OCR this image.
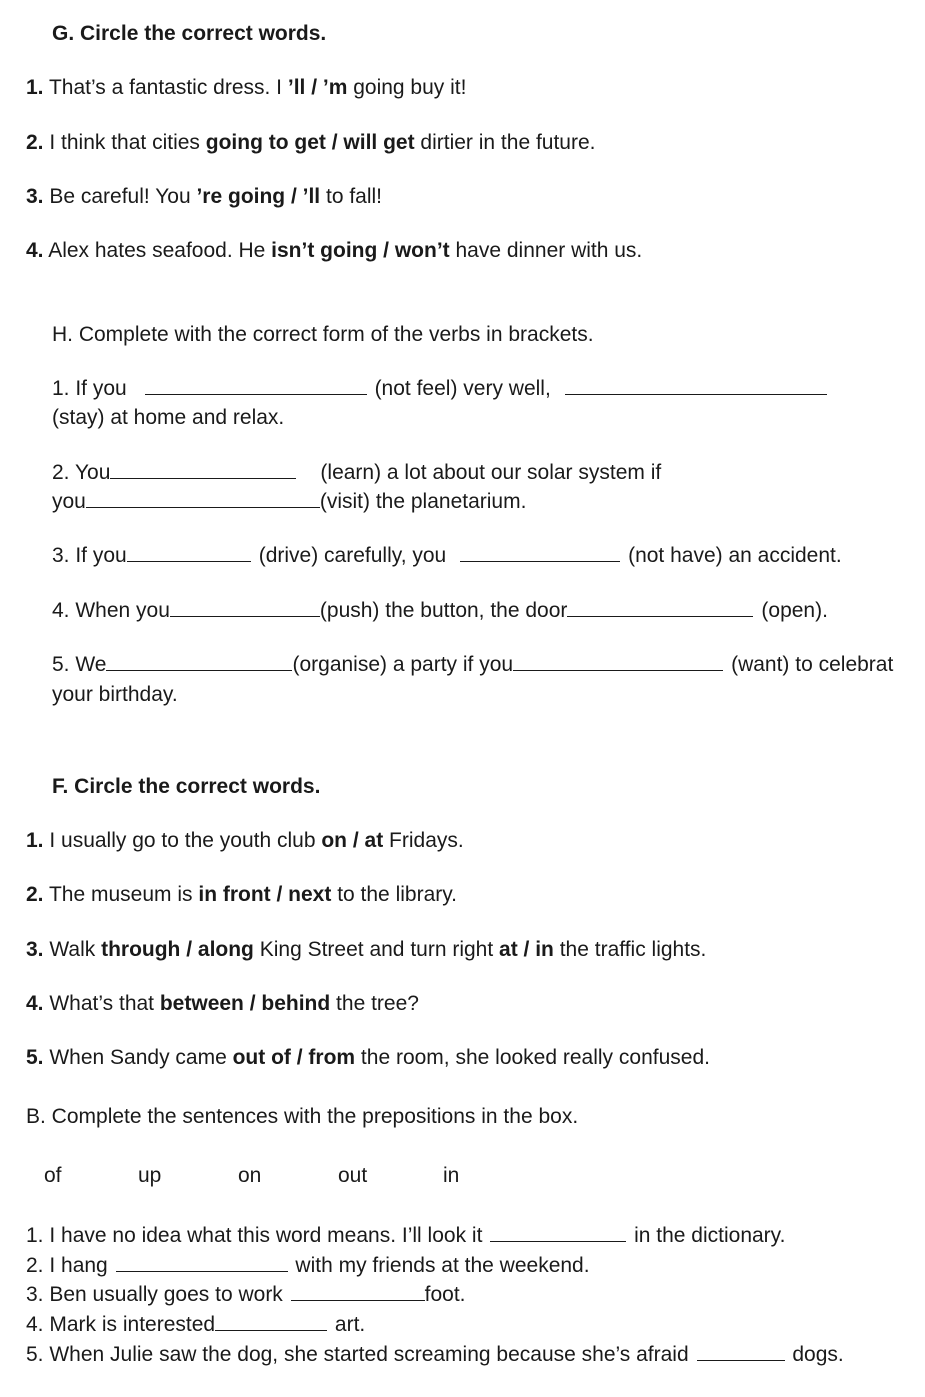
G. Circle the correct words.
1. That’s a fantastic dress. I ’ll / ’m going buy it!
2. I think that cities going to get / will get dirtier in the future.
3. Be careful! You ’re going / ’ll to fall!
4. Alex hates seafood. He isn’t going / won’t have dinner with us.
H. Complete with the correct form of the verbs in brackets.
1. If you	(not feel) very well,
(stay) at home and relax.
2. You	(learn) a lot about our solar system if
you	(visit) the planetarium.
3. If you	(drive) carefully, you	(not have) an accident.
4. When you	(push) the button, the door	(open).
5. We	(organise) a party if you	(want) to celebrat
your birthday.
F. Circle the correct words.
1. I usually go to the youth club on / at Fridays.
2. The museum is in front / next to the library.
3. Walk through / along King Street and turn right at / in the traffic lights.
4. What’s that between / behind the tree?
5. When Sandy came out of / from the room, she looked really confused.
B. Complete the sentences with the prepositions in the box.
of	up	on	out	in
1. I have no idea what this word means. I’ll look it	in the dictionary.
2. I hang	with my friends at the weekend.
3. Ben usually goes to work	foot.
4. Mark is interested	art.
5. When Julie saw the dog, she started screaming because she’s afraid	dogs.
